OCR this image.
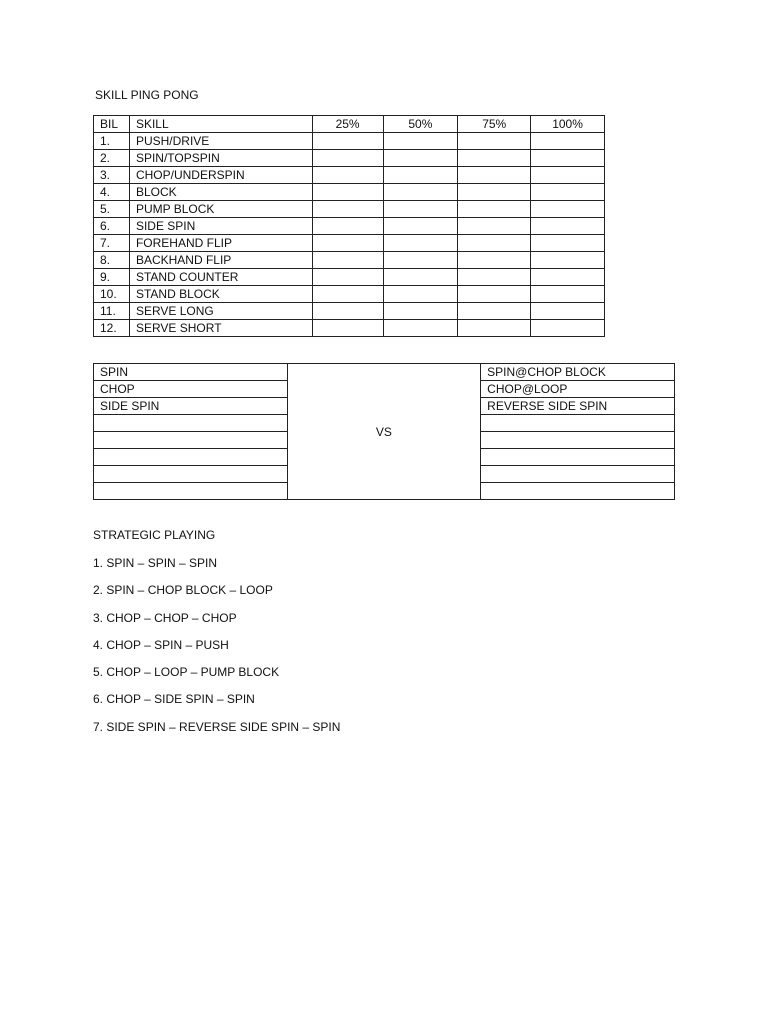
SKILL PING PONG
BIL	SKILL	25%	50%	75%	100%
1.	PUSH/DRIVE				
2.	SPIN/TOPSPIN				
3.	CHOP/UNDERSPIN				
4.	BLOCK				
5.	PUMP BLOCK				
6.	SIDE SPIN				
7.	FOREHAND FLIP				
8.	BACKHAND FLIP				
9.	STAND COUNTER				
10.	STAND BLOCK				
11.	SERVE LONG				
12.	SERVE SHORT				
SPIN	VS	SPIN@CHOP BLOCK
CHOP		CHOP@LOOP
SIDE SPIN		REVERSE SIDE SPIN

STRATEGIC PLAYING
1. SPIN – SPIN – SPIN
2. SPIN – CHOP BLOCK – LOOP
3. CHOP – CHOP – CHOP
4. CHOP – SPIN – PUSH
5. CHOP – LOOP – PUMP BLOCK
6. CHOP – SIDE SPIN – SPIN
7. SIDE SPIN – REVERSE SIDE SPIN – SPIN
